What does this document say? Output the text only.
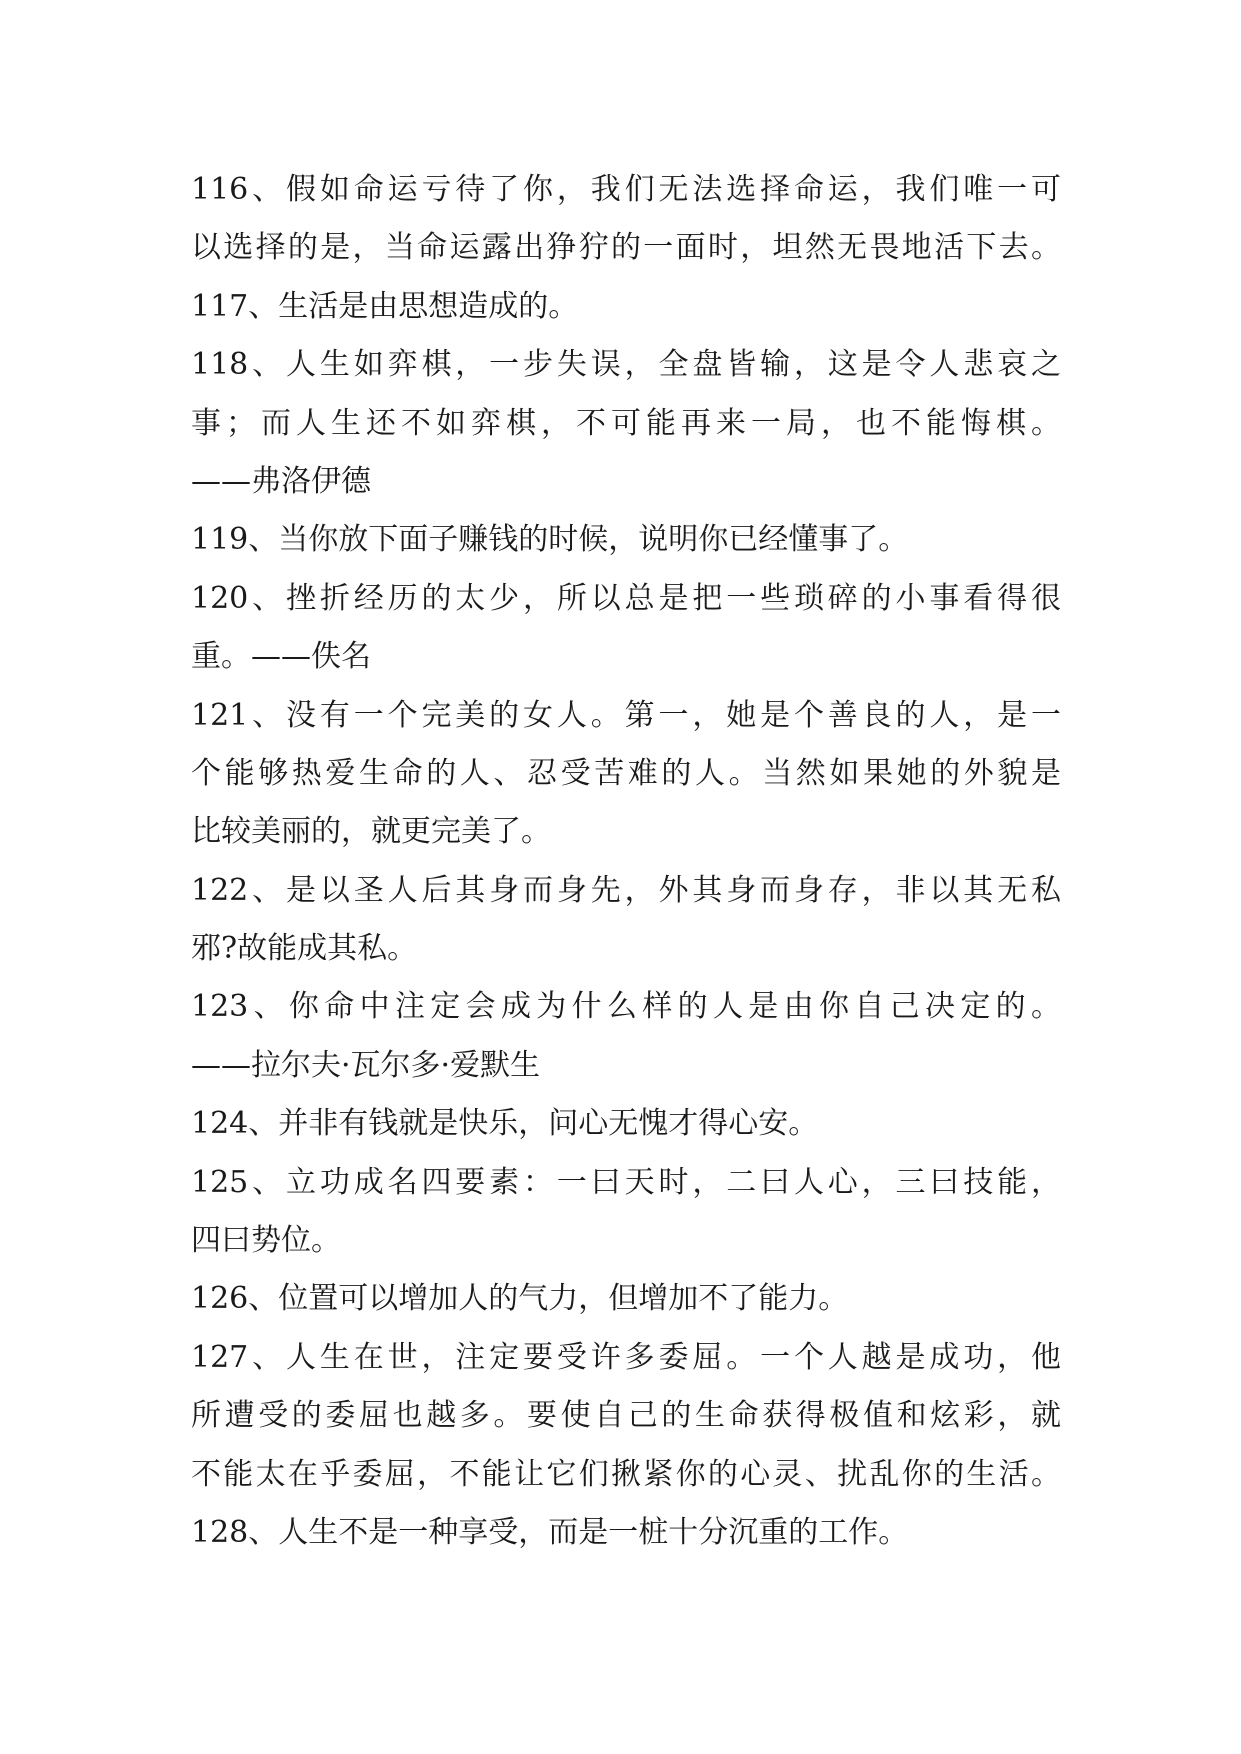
116、假如命运亏待了你，我们无法选择命运，我们唯一可
以选择的是，当命运露出狰狞的一面时，坦然无畏地活下去。
117、生活是由思想造成的。
118、人生如弈棋，一步失误，全盘皆输，这是令人悲哀之
事；而人生还不如弈棋，不可能再来一局，也不能悔棋。
——弗洛伊德
119、当你放下面子赚钱的时候，说明你已经懂事了。
120、挫折经历的太少，所以总是把一些琐碎的小事看得很
重。——佚名
121、没有一个完美的女人。第一，她是个善良的人，是一
个能够热爱生命的人、忍受苦难的人。当然如果她的外貌是
比较美丽的，就更完美了。
122、是以圣人后其身而身先，外其身而身存，非以其无私
邪?故能成其私。
123、你命中注定会成为什么样的人是由你自己决定的。
——拉尔夫·瓦尔多·爱默生
124、并非有钱就是快乐，问心无愧才得心安。
125、立功成名四要素：一曰天时，二曰人心，三曰技能，
四曰势位。
126、位置可以增加人的气力，但增加不了能力。
127、人生在世，注定要受许多委屈。一个人越是成功，他
所遭受的委屈也越多。要使自己的生命获得极值和炫彩，就
不能太在乎委屈，不能让它们揪紧你的心灵、扰乱你的生活。
128、人生不是一种享受，而是一桩十分沉重的工作。
